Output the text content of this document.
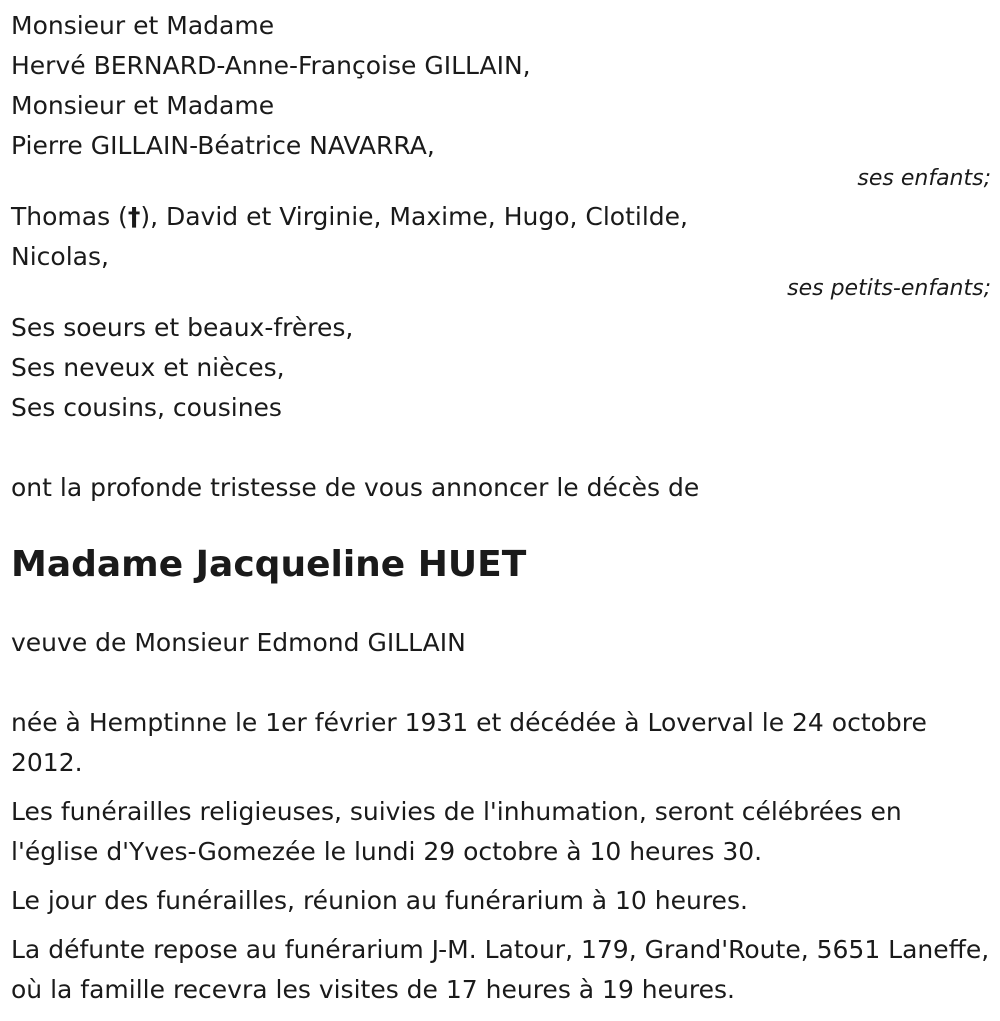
Monsieur et Madame

Hervé BERNARD-Anne-Françoise GILLAIN,

Monsieur et Madame

Pierre GILLAIN-Béatrice NAVARRA,

ses enfants;

Thomas (†), David et Virginie, Maxime, Hugo, Clotilde,

Nicolas,

ses petits-enfants;

Ses soeurs et beaux-frères,

Ses neveux et nièces,

Ses cousins, cousines

ont la profonde tristesse de vous annoncer le décès de

Madame Jacqueline HUET

veuve de Monsieur Edmond GILLAIN

née à Hemptinne le 1er février 1931 et décédée à Loverval le 24 octobre 2012.

Les funérailles religieuses, suivies de l'inhumation, seront célébrées en l'église d'Yves-Gomezée le lundi 29 octobre à 10 heures 30.

Le jour des funérailles, réunion au funérarium à 10 heures.

La défunte repose au funérarium J-M. Latour, 179, Grand'Route, 5651 Laneffe, où la famille recevra les visites de 17 heures à 19 heures.
